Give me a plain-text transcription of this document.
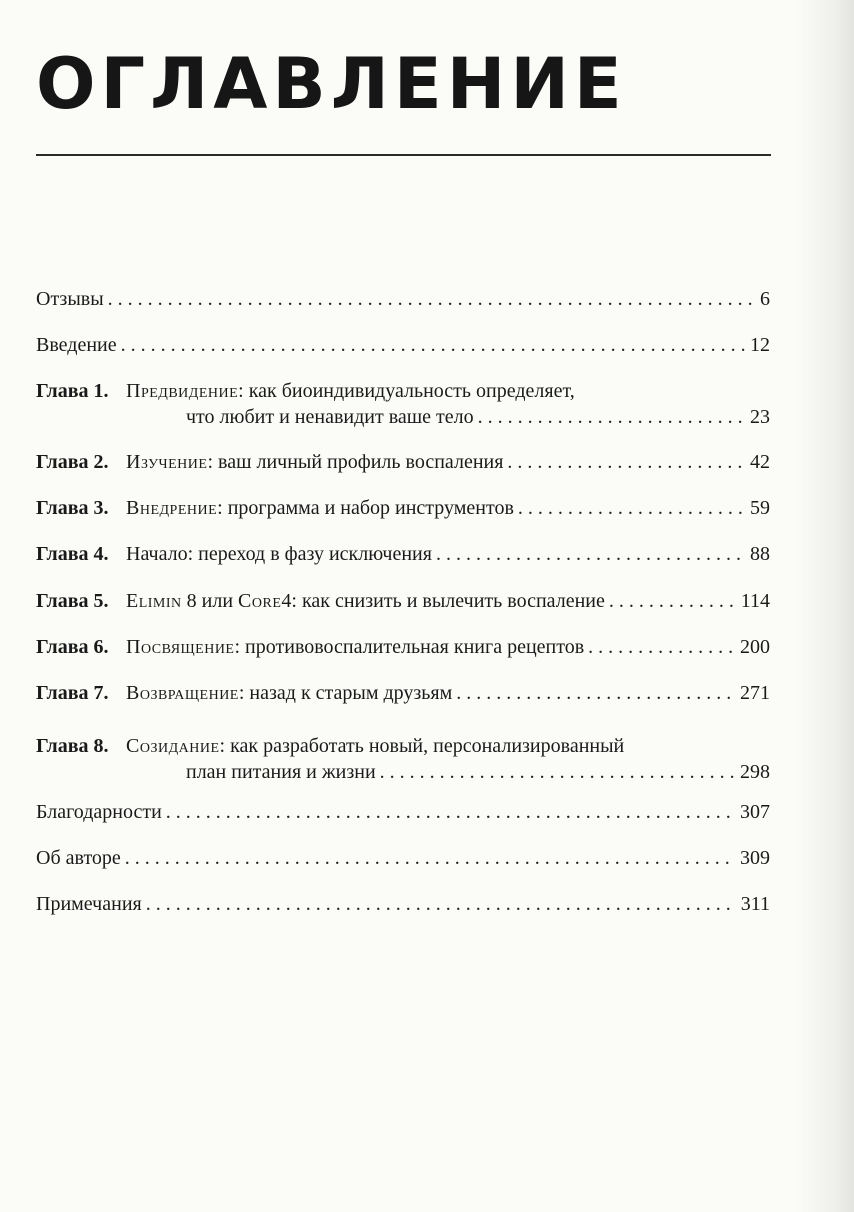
ОГЛАВЛЕНИЕ
Отзывы . . .	6
Введение . . .	12
Глава 1. Предвидение: как биоиндивидуальность определяет,
что любит и ненавидит ваше тело . . .	23
Глава 2. Изучение: ваш личный профиль воспаления . . .	42
Глава 3. Внедрение: программа и набор инструментов . . .	59
Глава 4. Начало: переход в фазу исключения . . .	88
Глава 5. Elimin 8 или Core4: как снизить и вылечить воспаление . . .	114
Глава 6. Посвящение: противовоспалительная книга рецептов . . .	200
Глава 7. Возвращение: назад к старым друзьям . . .	271
Глава 8. Созидание: как разработать новый, персонализированный
план питания и жизни . . .	298
Благодарности . . .	307
Об авторе . . .	309
Примечания . . .	311
